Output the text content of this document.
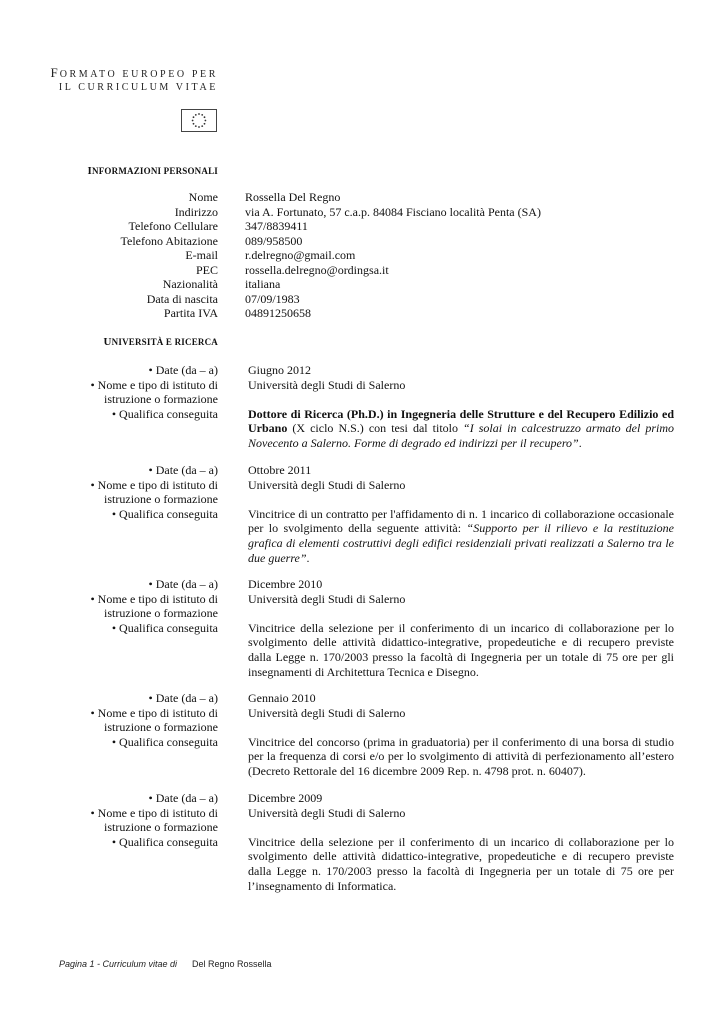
FORMATO EUROPEO PER
IL CURRICULUM VITAE
INFORMAZIONI PERSONALI
Nome Rossella Del Regno
Indirizzo via A. Fortunato, 57 c.a.p. 84084 Fisciano località Penta (SA)
Telefono Cellulare 347/8839411
Telefono Abitazione 089/958500
E-mail r.delregno@gmail.com
PEC rossella.delregno@ordingsa.it
Nazionalità italiana
Data di nascita 07/09/1983
Partita IVA 04891250658
UNIVERSITÀ E RICERCA
• Date (da – a)
• Nome e tipo di istituto di
istruzione o formazione
• Qualifica conseguita
Giugno 2012
Università degli Studi di Salerno
Dottore di Ricerca (Ph.D.) in Ingegneria delle Strutture e del Recupero Edilizio ed Urbano (X ciclo N.S.) con tesi dal titolo “I solai in calcestruzzo armato del primo Novecento a Salerno. Forme di degrado ed indirizzi per il recupero”.
• Date (da – a)
• Nome e tipo di istituto di
istruzione o formazione
• Qualifica conseguita
Ottobre 2011
Università degli Studi di Salerno
Vincitrice di un contratto per l'affidamento di n. 1 incarico di collaborazione occasionale per lo svolgimento della seguente attività: “Supporto per il rilievo e la restituzione grafica di elementi costruttivi degli edifici residenziali privati realizzati a Salerno tra le due guerre”.
• Date (da – a)
• Nome e tipo di istituto di
istruzione o formazione
• Qualifica conseguita
Dicembre 2010
Università degli Studi di Salerno
Vincitrice della selezione per il conferimento di un incarico di collaborazione per lo svolgimento delle attività didattico-integrative, propedeutiche e di recupero previste dalla Legge n. 170/2003 presso la facoltà di Ingegneria per un totale di 75 ore per gli insegnamenti di Architettura Tecnica e Disegno.
• Date (da – a)
• Nome e tipo di istituto di
istruzione o formazione
• Qualifica conseguita
Gennaio 2010
Università degli Studi di Salerno
Vincitrice del concorso (prima in graduatoria) per il conferimento di una borsa di studio per la frequenza di corsi e/o per lo svolgimento di attività di perfezionamento all’estero (Decreto Rettorale del 16 dicembre 2009 Rep. n. 4798 prot. n. 60407).
• Date (da – a)
• Nome e tipo di istituto di
istruzione o formazione
• Qualifica conseguita
Dicembre 2009
Università degli Studi di Salerno
Vincitrice della selezione per il conferimento di un incarico di collaborazione per lo svolgimento delle attività didattico-integrative, propedeutiche e di recupero previste dalla Legge n. 170/2003 presso la facoltà di Ingegneria per un totale di 75 ore per l’insegnamento di Informatica.
Pagina 1 - Curriculum vitae di Del Regno Rossella
